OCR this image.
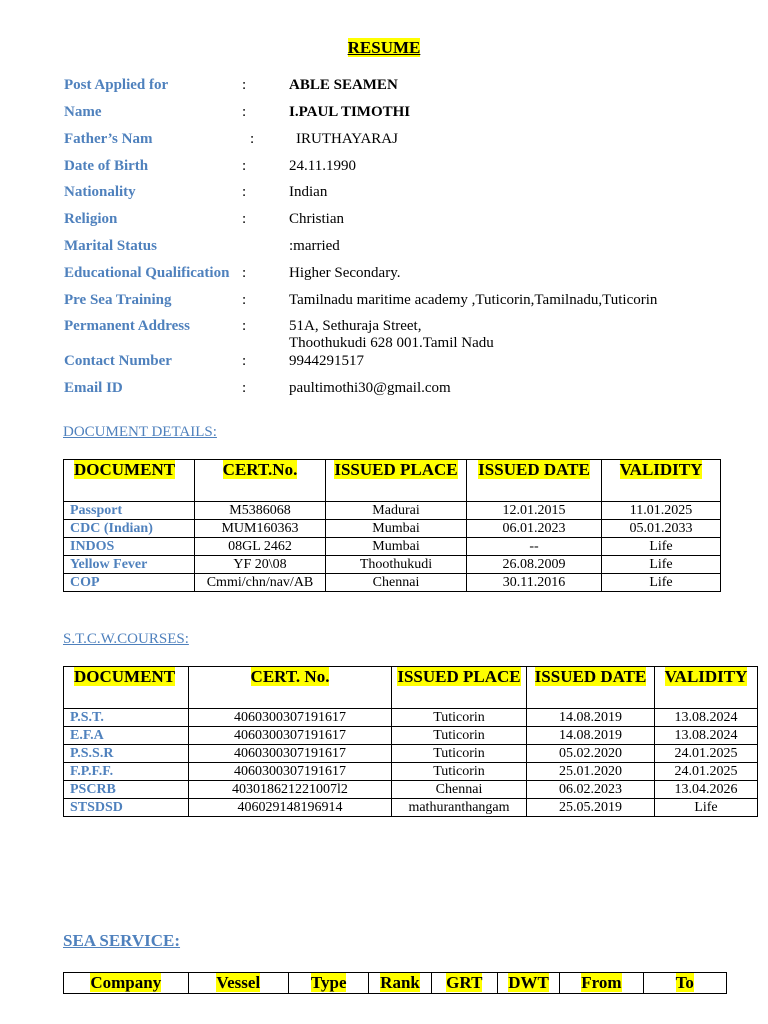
RESUME
Post Applied for	:	ABLE SEAMEN
Name	:	I.PAUL TIMOTHI
Father’s Nam	:	IRUTHAYARAJ
Date of Birth	:	24.11.1990
Nationality	:	Indian
Religion	:	Christian
Marital Status	:married
Educational Qualification :	Higher Secondary.
Pre Sea Training	:	Tamilnadu maritime academy ,Tuticorin,Tamilnadu,Tuticorin
Permanent Address	:	51A, Sethuraja Street,
Thoothukudi 628 001.Tamil Nadu
Contact Number	:	9944291517
Email ID	:	paultimothi30@gmail.com
DOCUMENT DETAILS:
DOCUMENT	CERT.No.	ISSUED PLACE	ISSUED DATE	VALIDITY
Passport	M5386068	Madurai	12.01.2015	11.01.2025
CDC (Indian)	MUM160363	Mumbai	06.01.2023	05.01.2033
INDOS	08GL 2462	Mumbai	--	Life
Yellow Fever	YF 20\08	Thoothukudi	26.08.2009	Life
COP	Cmmi/chn/nav/AB	Chennai	30.11.2016	Life
S.T.C.W.COURSES:
DOCUMENT	CERT. No.	ISSUED PLACE	ISSUED DATE	VALIDITY
P.S.T.	4060300307191617	Tuticorin	14.08.2019	13.08.2024
E.F.A	4060300307191617	Tuticorin	14.08.2019	13.08.2024
P.S.S.R	4060300307191617	Tuticorin	05.02.2020	24.01.2025
F.P.F.F.	4060300307191617	Tuticorin	25.01.2020	24.01.2025
PSCRB	403018621221007l2	Chennai	06.02.2023	13.04.2026
STSDSD	406029148196914	mathuranthangam	25.05.2019	Life
SEA SERVICE:
Company	Vessel	Type	Rank	GRT	DWT	From	To
